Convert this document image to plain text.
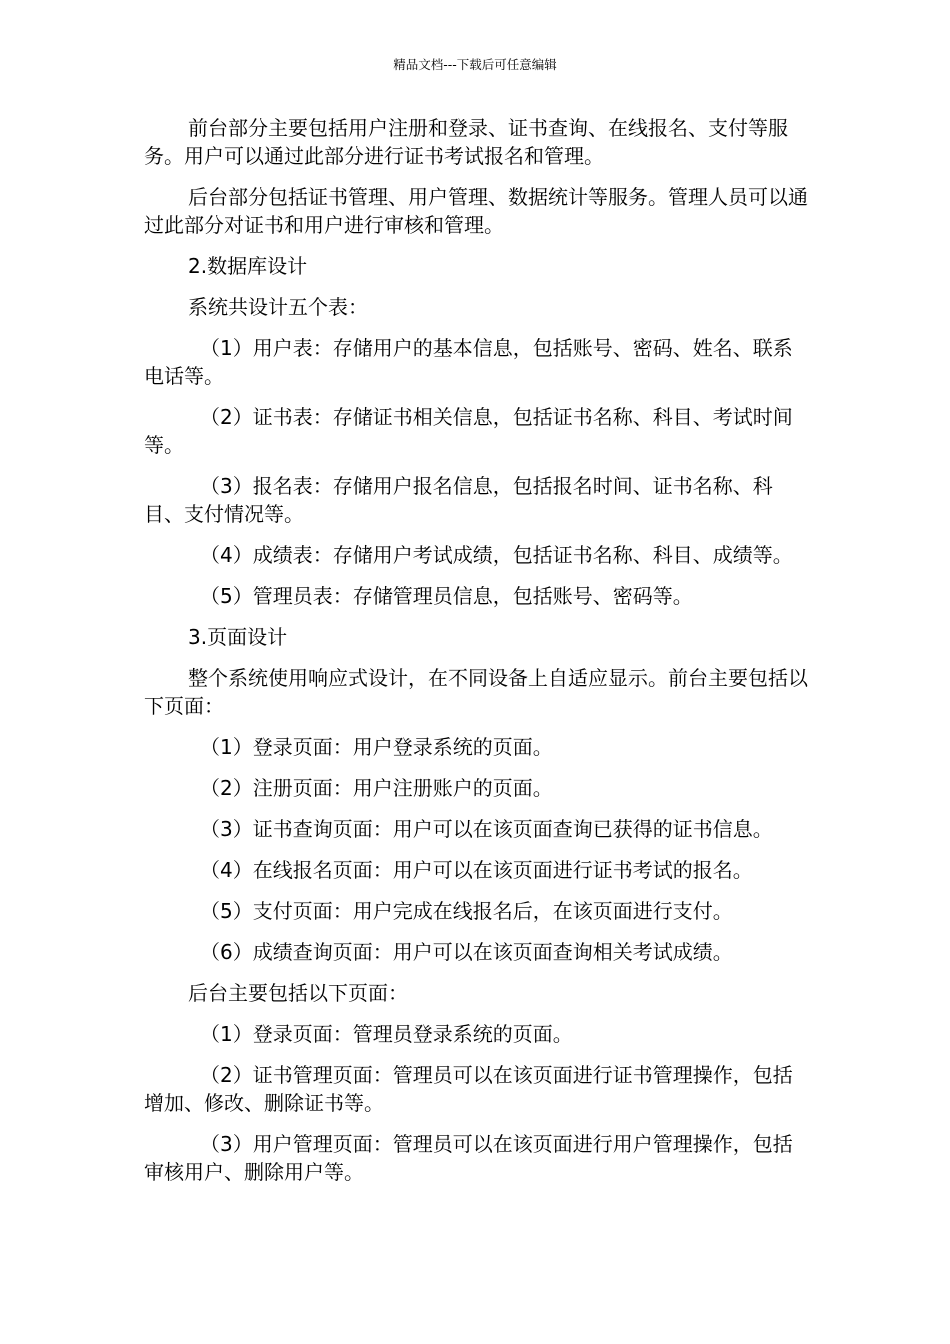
精品文档---下载后可任意编辑

前台部分主要包括用户注册和登录、证书查询、在线报名、支付等服务。用户可以通过此部分进行证书考试报名和管理。

后台部分包括证书管理、用户管理、数据统计等服务。管理人员可以通过此部分对证书和用户进行审核和管理。

2.数据库设计

系统共设计五个表：

（1）用户表：存储用户的基本信息，包括账号、密码、姓名、联系电话等。

（2）证书表：存储证书相关信息，包括证书名称、科目、考试时间等。

（3）报名表：存储用户报名信息，包括报名时间、证书名称、科目、支付情况等。

（4）成绩表：存储用户考试成绩，包括证书名称、科目、成绩等。

（5）管理员表：存储管理员信息，包括账号、密码等。

3.页面设计

整个系统使用响应式设计，在不同设备上自适应显示。前台主要包括以下页面：

（1）登录页面：用户登录系统的页面。

（2）注册页面：用户注册账户的页面。

（3）证书查询页面：用户可以在该页面查询已获得的证书信息。

（4）在线报名页面：用户可以在该页面进行证书考试的报名。

（5）支付页面：用户完成在线报名后，在该页面进行支付。

（6）成绩查询页面：用户可以在该页面查询相关考试成绩。

后台主要包括以下页面：

（1）登录页面：管理员登录系统的页面。

（2）证书管理页面：管理员可以在该页面进行证书管理操作，包括增加、修改、删除证书等。

（3）用户管理页面：管理员可以在该页面进行用户管理操作，包括审核用户、删除用户等。
